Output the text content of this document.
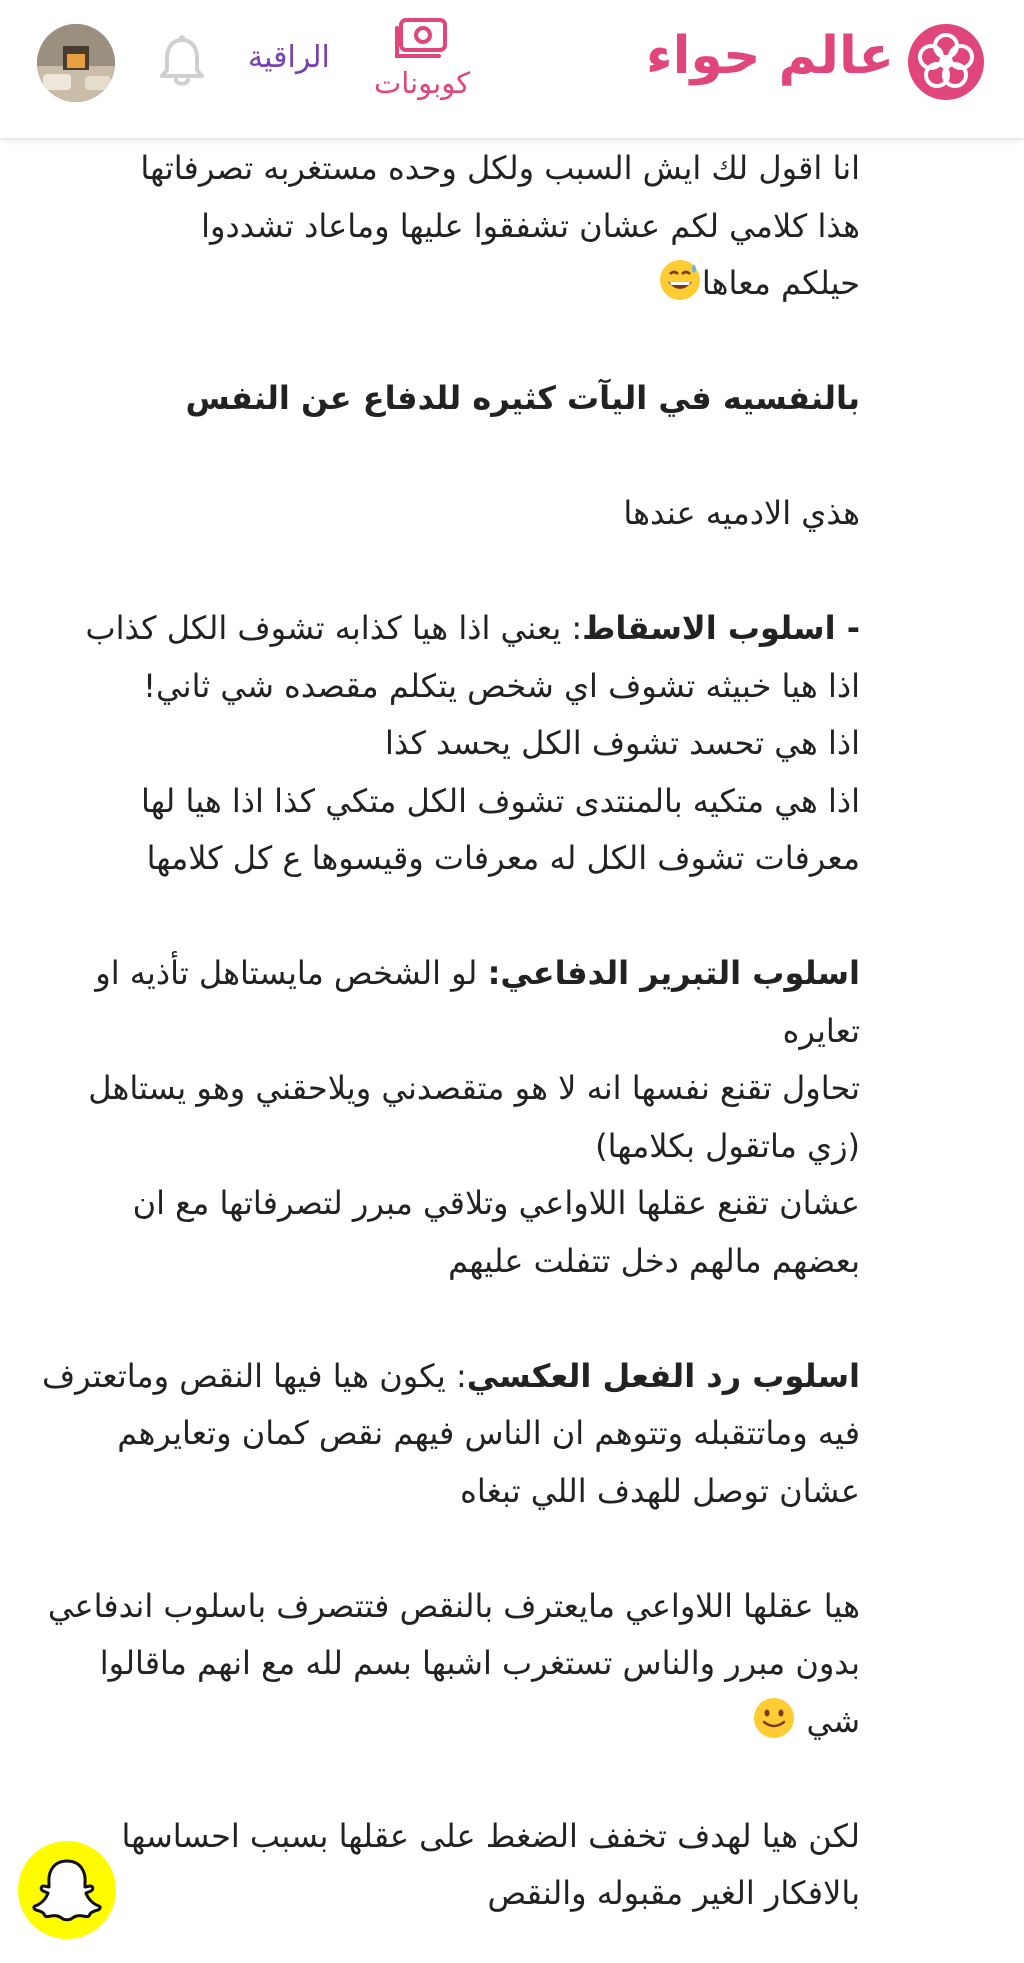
الراقية
كوبونات	عالم حواء

انا اقول لك ايش السبب ولكل وحده مستغربه تصرفاتها
هذا كلامي لكم عشان تشفقوا عليها وماعاد تشددوا
حيلكم معاها

بالنفسيه في اليآت كثيره للدفاع عن النفس

هذي الادميه عندها

- اسلوب الاسقاط: يعني اذا هيا كذابه تشوف الكل كذاب
اذا هيا خبيثه تشوف اي شخص يتكلم مقصده شي ثاني!
اذا هي تحسد تشوف الكل يحسد كذا
اذا هي متكيه بالمنتدى تشوف الكل متكي كذا اذا هيا لها معرفات تشوف الكل له معرفات وقيسوها ع كل كلامها

اسلوب التبرير الدفاعي: لو الشخص مايستاهل تأذيه او تعايره
تحاول تقنع نفسها انه لا هو متقصدني ويلاحقني وهو يستاهل (زي ماتقول بكلامها)
عشان تقنع عقلها اللاواعي وتلاقي مبرر لتصرفاتها مع ان بعضهم مالهم دخل تتفلت عليهم

اسلوب رد الفعل العكسي: يكون هيا فيها النقص وماتعترف فيه وماتتقبله وتتوهم ان الناس فيهم نقص كمان وتعايرهم عشان توصل للهدف اللي تبغاه

هيا عقلها اللاواعي مايعترف بالنقص فتتصرف باسلوب اندفاعي بدون مبرر والناس تستغرب اشبها بسم لله مع انهم ماقالوا شي

لكن هيا لهدف تخفف الضغط على عقلها بسبب احساسها بالافكار الغير مقبوله والنقص
